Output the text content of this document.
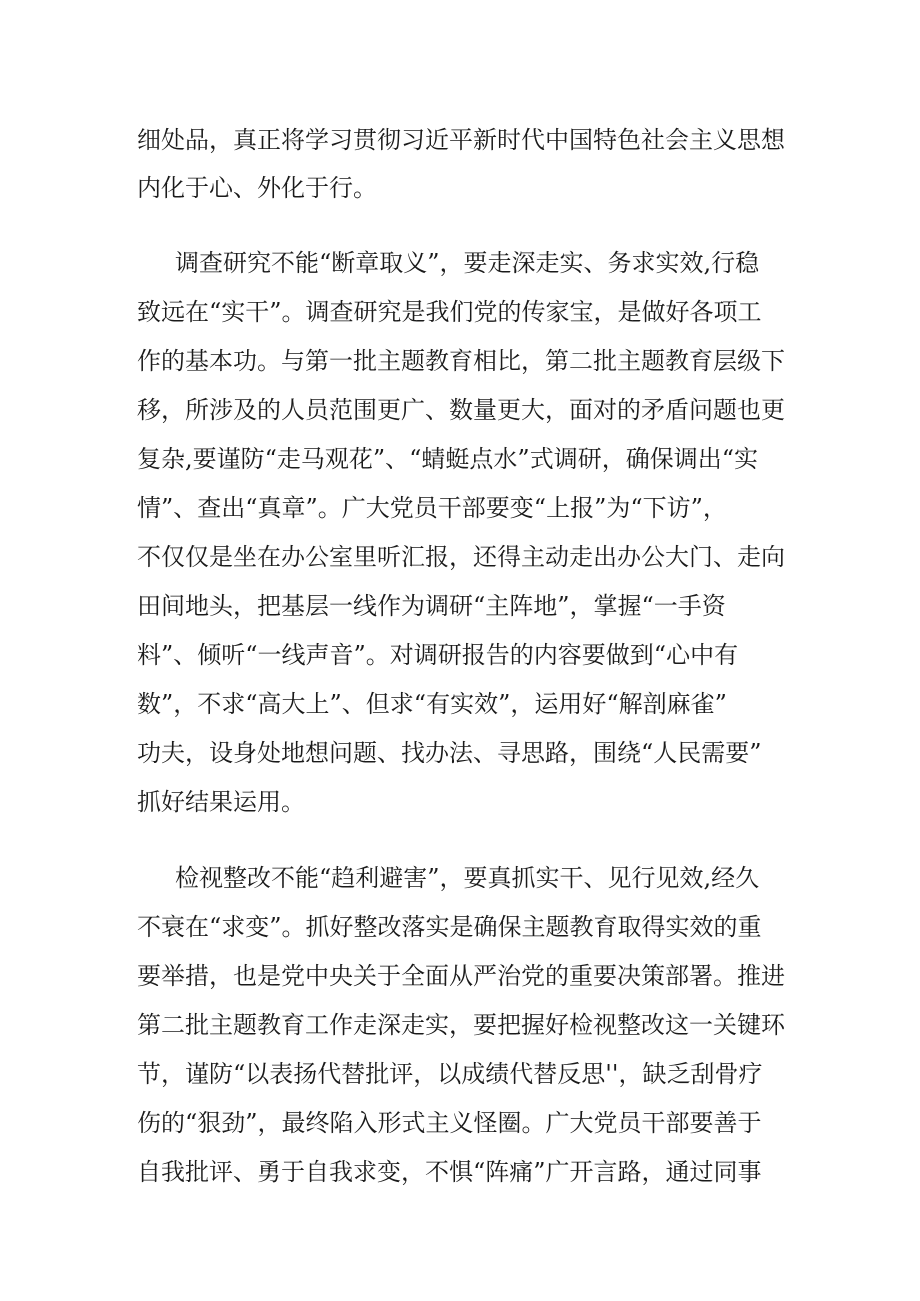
细处品，真正将学习贯彻习近平新时代中国特色社会主义思想
内化于心、外化于行。
调查研究不能“断章取义”，要走深走实、务求实效,行稳
致远在“实干”。调查研究是我们党的传家宝，是做好各项工
作的基本功。与第一批主题教育相比，第二批主题教育层级下
移，所涉及的人员范围更广、数量更大，面对的矛盾问题也更
复杂,要谨防“走马观花”、“蜻蜓点水”式调研，确保调出“实
情”、查出“真章”。广大党员干部要变“上报”为“下访”，
不仅仅是坐在办公室里听汇报，还得主动走出办公大门、走向
田间地头，把基层一线作为调研“主阵地”，掌握“一手资
料”、倾听“一线声音”。对调研报告的内容要做到“心中有
数”，不求“高大上”、但求“有实效”，运用好“解剖麻雀”
功夫，设身处地想问题、找办法、寻思路，围绕“人民需要”
抓好结果运用。
检视整改不能“趋利避害”，要真抓实干、见行见效,经久
不衰在“求变”。抓好整改落实是确保主题教育取得实效的重
要举措，也是党中央关于全面从严治党的重要决策部署。推进
第二批主题教育工作走深走实，要把握好检视整改这一关键环
节，谨防“以表扬代替批评，以成绩代替反思''，缺乏刮骨疗
伤的“狠劲”，最终陷入形式主义怪圈。广大党员干部要善于
自我批评、勇于自我求变，不惧“阵痛”广开言路，通过同事
